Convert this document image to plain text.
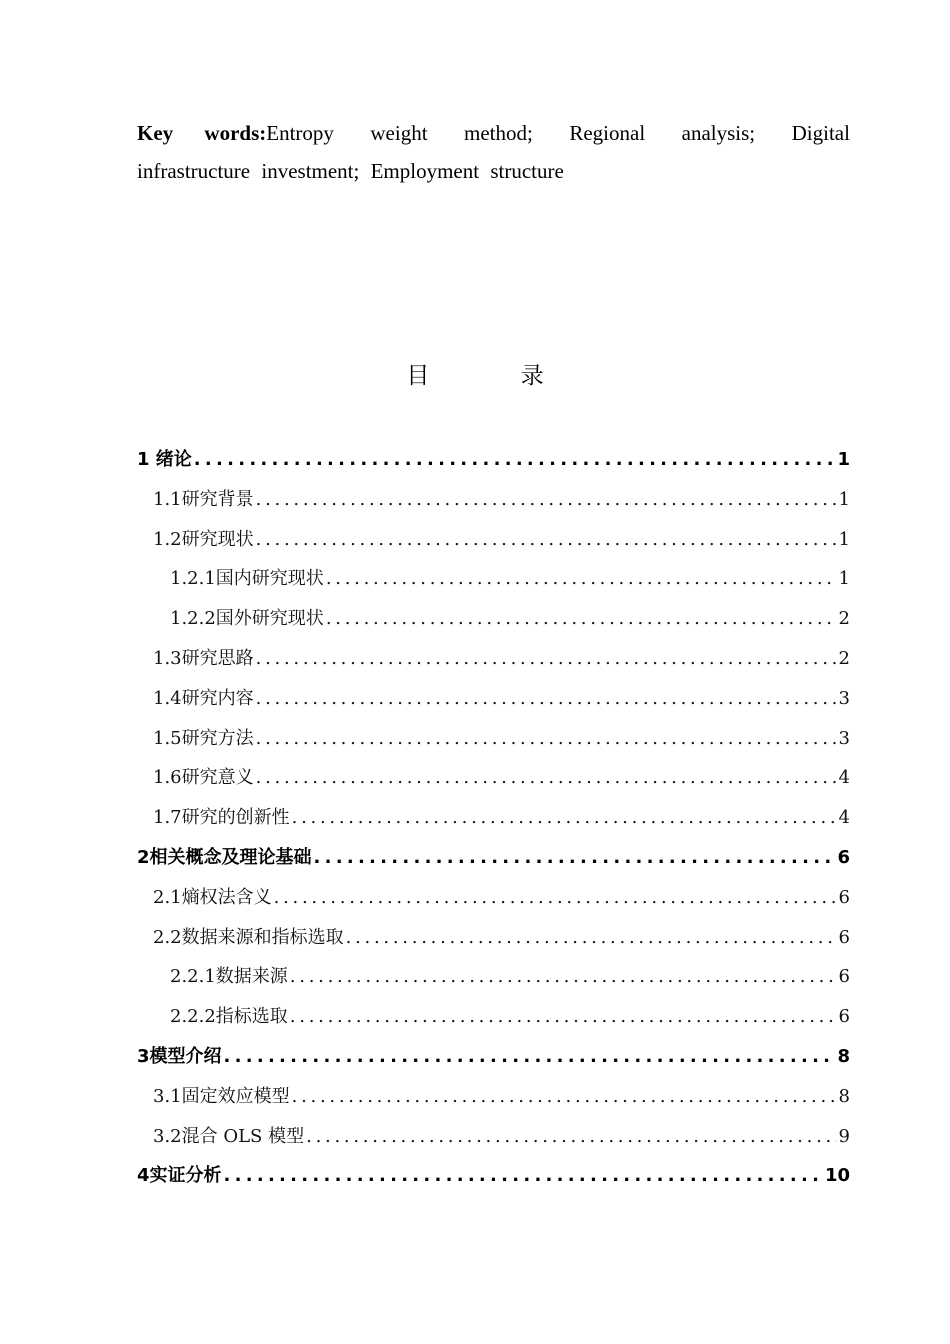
Key words:Entropy weight method; Regional analysis; Digital
infrastructure investment; Employment structure
目 录
1 绪论 . . .	1
1.1研究背景 . . .	1
1.2研究现状 . . .	1
1.2.1国内研究现状 . . .	1
1.2.2国外研究现状 . . .	2
1.3研究思路 . . .	2
1.4研究内容 . . .	3
1.5研究方法 . . .	3
1.6研究意义 . . .	4
1.7研究的创新性 . . .	4
2相关概念及理论基础 . . .	6
2.1熵权法含义 . . .	6
2.2数据来源和指标选取 . . .	6
2.2.1数据来源 . . .	6
2.2.2指标选取 . . .	6
3模型介绍 . . .	8
3.1固定效应模型 . . .	8
3.2混合 OLS 模型 . . .	9
4实证分析 . . .	10
